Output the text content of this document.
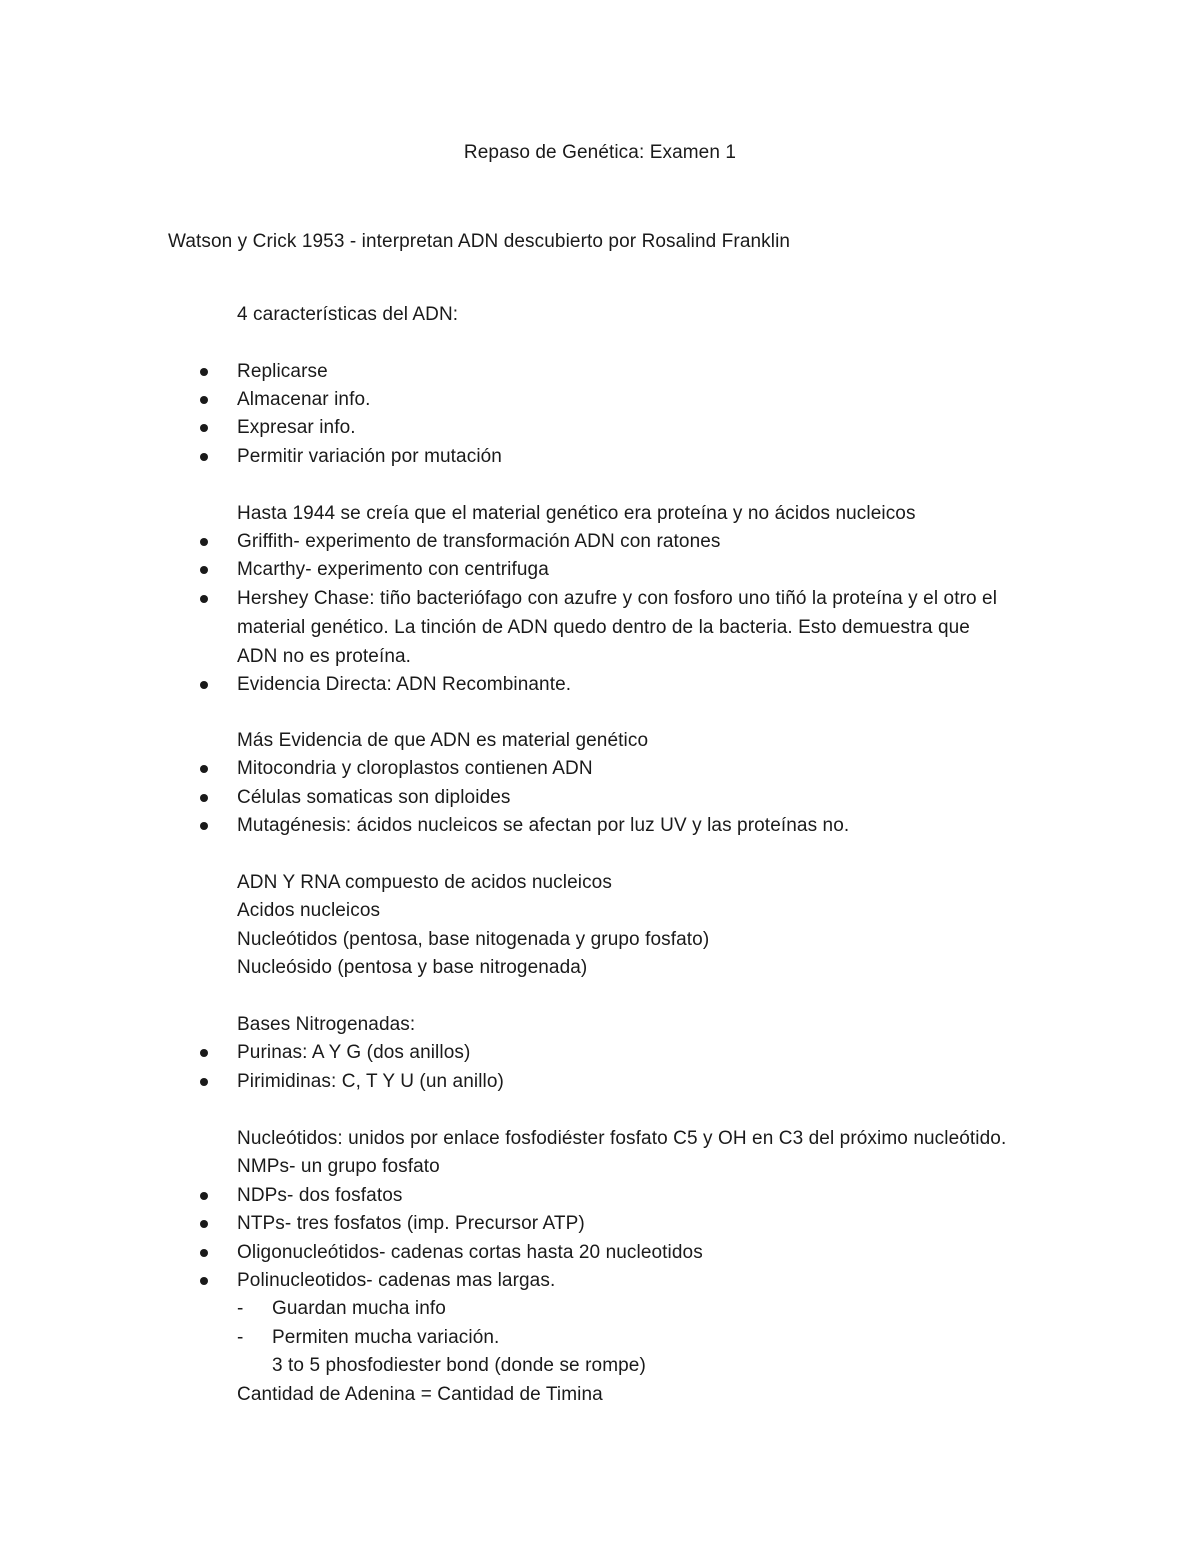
Repaso de Genética: Examen 1
Watson y Crick 1953 - interpretan ADN descubierto por Rosalind Franklin
4 características del ADN:
Replicarse
Almacenar info.
Expresar info.
Permitir variación por mutación
Hasta 1944 se creía que el material genético era proteína y no ácidos nucleicos
Griffith- experimento de transformación ADN con ratones
Mcarthy- experimento con centrifuga
Hershey Chase: tiño bacteriófago con azufre y con fosforo uno tiñó la proteína y el otro el
material genético. La tinción de ADN quedo dentro de la bacteria. Esto demuestra que
ADN no es proteína.
Evidencia Directa: ADN Recombinante.
Más Evidencia de que ADN es material genético
Mitocondria y cloroplastos contienen ADN
Células somaticas son diploides
Mutagénesis: ácidos nucleicos se afectan por luz UV y las proteínas no.
ADN Y RNA compuesto de acidos nucleicos
Acidos nucleicos
Nucleótidos (pentosa, base nitogenada y grupo fosfato)
Nucleósido (pentosa y base nitrogenada)
Bases Nitrogenadas:
Purinas: A Y G (dos anillos)
Pirimidinas: C, T Y U (un anillo)
Nucleótidos: unidos por enlace fosfodiéster fosfato C5 y OH en C3 del próximo nucleótido.
NMPs- un grupo fosfato
NDPs- dos fosfatos
NTPs- tres fosfatos (imp. Precursor ATP)
Oligonucleótidos- cadenas cortas hasta 20 nucleotidos
Polinucleotidos- cadenas mas largas.
- Guardan mucha info
- Permiten mucha variación.
3 to 5 phosfodiester bond (donde se rompe)
Cantidad de Adenina = Cantidad de Timina
